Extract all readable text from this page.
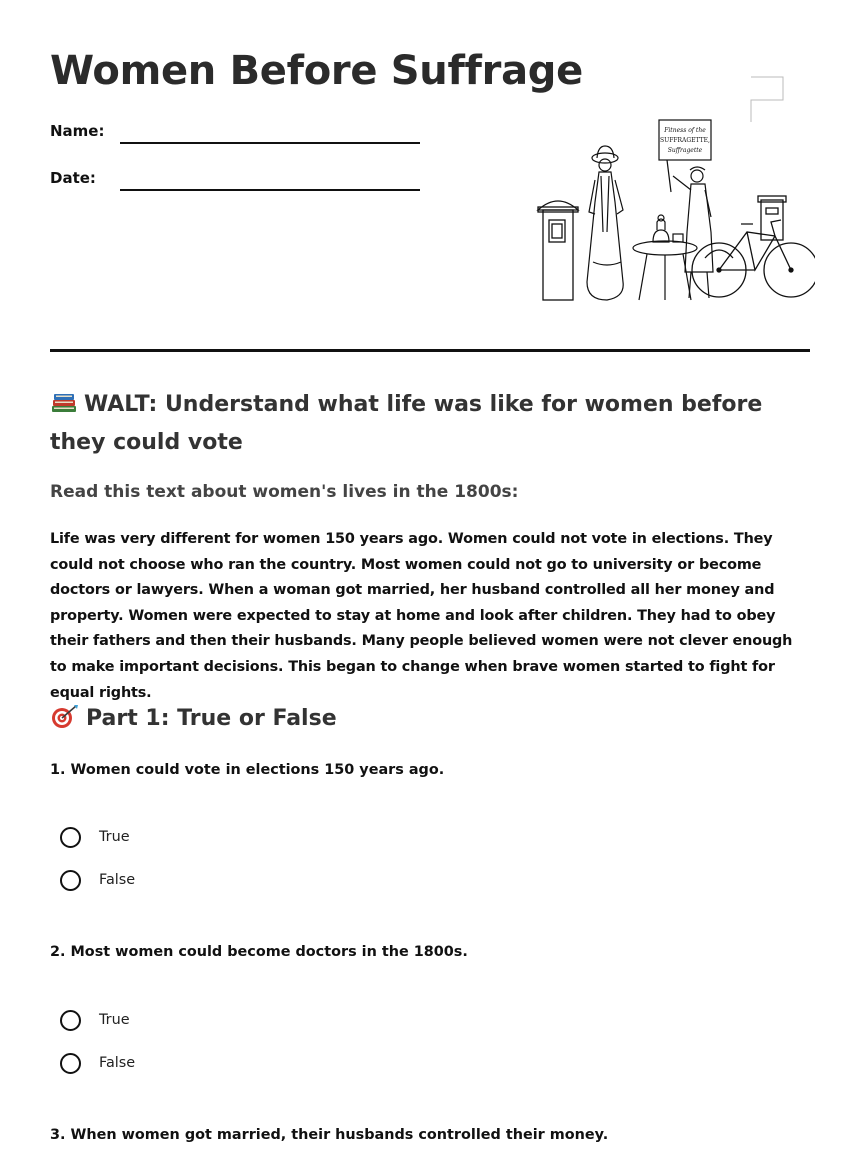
Women Before Suffrage
Name:
Date:
Fitness of the
SUFFRAGETTE,
Suffragette
WALT: Understand what life was like for women before they could vote
Read this text about women's lives in the 1800s:

Life was very different for women 150 years ago. Women could not vote in elections. They could not choose who ran the country. Most women could not go to university or become doctors or lawyers. When a woman got married, her husband controlled all her money and property. Women were expected to stay at home and look after children. They had to obey their fathers and then their husbands. Many people believed women were not clever enough to make important decisions. This began to change when brave women started to fight for equal rights.

Part 1: True or False

1. Women could vote in elections 150 years ago.

True
False

2. Most women could become doctors in the 1800s.

True
False

3. When women got married, their husbands controlled their money.
